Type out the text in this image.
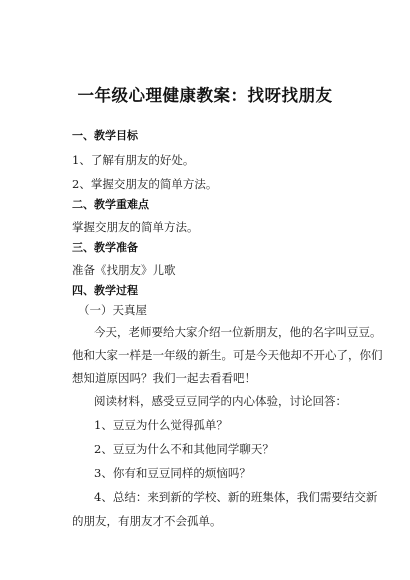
一年级心理健康教案：找呀找朋友
一、教学目标
1、了解有朋友的好处。
2、掌握交朋友的简单方法。
二、教学重难点
掌握交朋友的简单方法。
三、教学准备
准备《找朋友》儿歌
四、教学过程
（一）天真屋
今天，老师要给大家介绍一位新朋友，他的名字叫豆豆。
他和大家一样是一年级的新生。可是今天他却不开心了，你们
想知道原因吗？我们一起去看看吧！
阅读材料，感受豆豆同学的内心体验，讨论回答：
1、豆豆为什么觉得孤单？
2、豆豆为什么不和其他同学聊天？
3、你有和豆豆同样的烦恼吗？
4、总结：来到新的学校、新的班集体，我们需要结交新
的朋友，有朋友才不会孤单。
